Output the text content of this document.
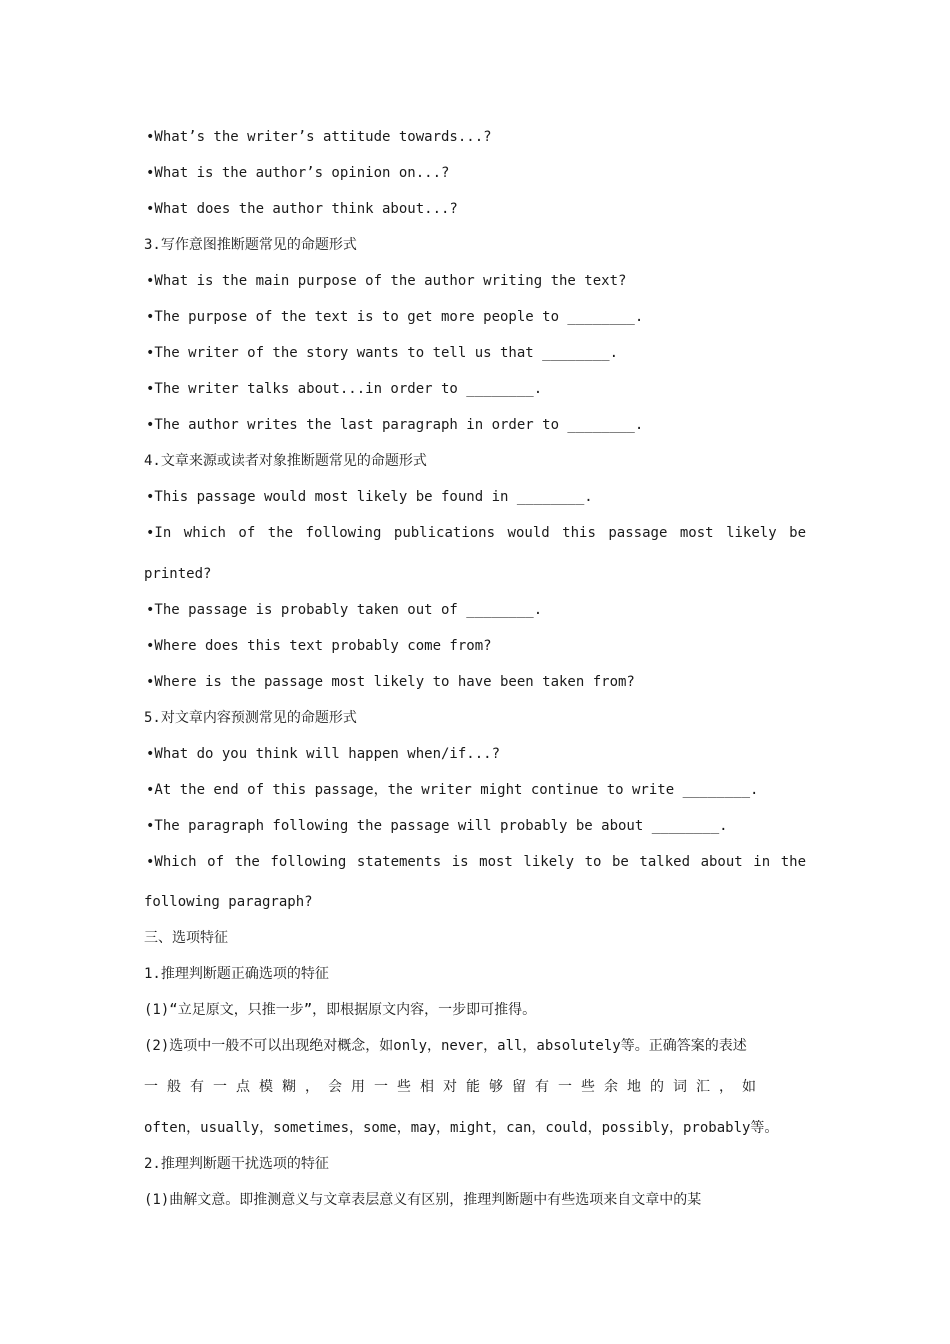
•What’s the writer’s attitude towards...?
•What is the author’s opinion on...?
•What does the author think about...?
3.写作意图推断题常见的命题形式
•What is the main purpose of the author writing the text?
•The purpose of the text is to get more people to ________.
•The writer of the story wants to tell us that ________.
•The writer talks about...in order to ________.
•The author writes the last paragraph in order to ________.
4.文章来源或读者对象推断题常见的命题形式
•This passage would most likely be found in ________.
•In which of the following publications would this passage most likely be
printed?
•The passage is probably taken out of ________.
•Where does this text probably come from?
•Where is the passage most likely to have been taken from?
5.对文章内容预测常见的命题形式
•What do you think will happen when/if...?
•At the end of this passage，the writer might continue to write ________.
•The paragraph following the passage will probably be about ________.
•Which of the following statements is most likely to be talked about in the
following paragraph?
三、选项特征
1.推理判断题正确选项的特征
(1)“立足原文，只推一步”，即根据原文内容，一步即可推得。
(2)选项中一般不可以出现绝对概念，如only，never，all，absolutely等。正确答案的表述
一般有一点模糊，会用一些相对能够留有一些余地的词汇，如
often，usually，sometimes，some，may，might，can，could，possibly，probably等。
2.推理判断题干扰选项的特征
(1)曲解文意。即推测意义与文章表层意义有区别，推理判断题中有些选项来自文章中的某
